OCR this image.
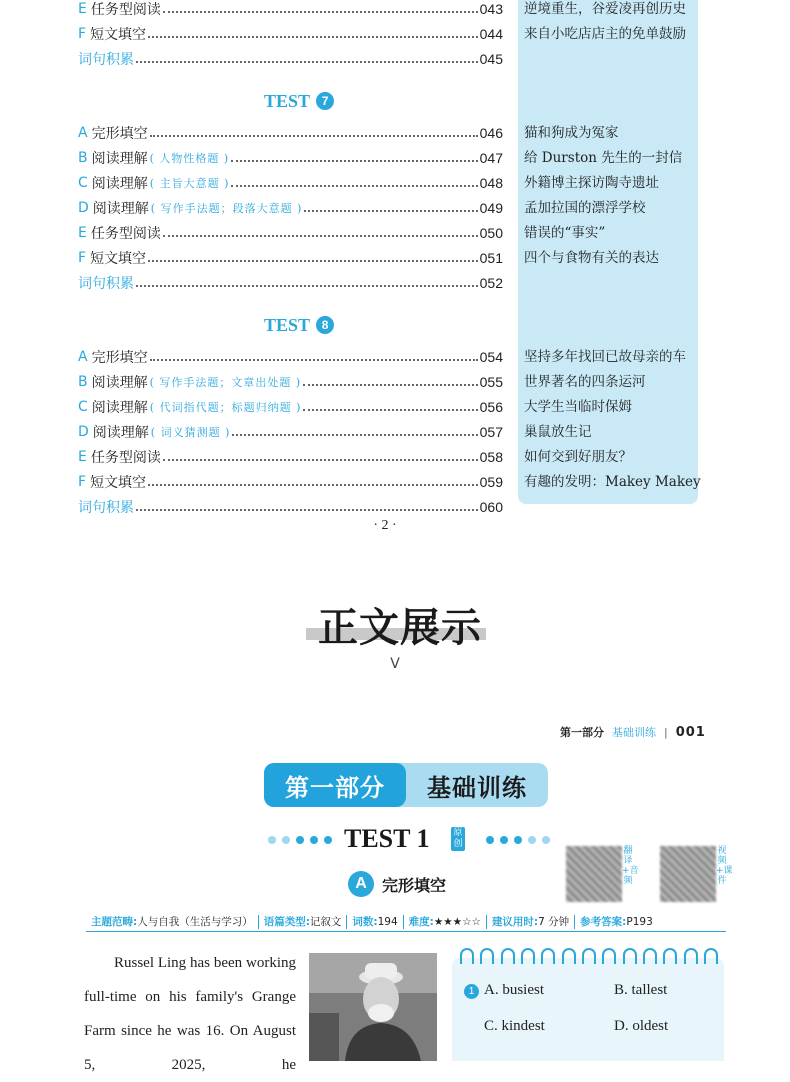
E 任务型阅读	043 逆境重生，谷爱凌再创历史
F 短文填空	044 来自小吃店店主的免单鼓励
词句积累	045
TEST 7
A 完形填空	046 猫和狗成为冤家
B 阅读理解 ( 人物性格题 )	047 给 Durston 先生的一封信
C 阅读理解 ( 主旨大意题 )	048 外籍博主探访陶寺遗址
D 阅读理解 ( 写作手法题；段落大意题 )	049 孟加拉国的漂浮学校
E 任务型阅读	050 错误的“事实”
F 短文填空	051 四个与食物有关的表达
词句积累	052
TEST 8
A 完形填空	054 坚持多年找回已故母亲的车
B 阅读理解 ( 写作手法题；文章出处题 )	055 世界著名的四条运河
C 阅读理解 ( 代词指代题；标题归纳题 )	056 大学生当临时保姆
D 阅读理解 ( 词义猜测题 )	057 巢鼠放生记
E 任务型阅读	058 如何交到好朋友？
F 短文填空	059 有趣的发明：Makey Makey
词句积累	060
· 2 ·
正文展示
V
第一部分 基础训练 | 001
第一部分	基础训练
TEST 1	原创
A 完形填空
翻译+音频
视频+课件
主题范畴: 人与自我（生活与学习） 语篇类型: 记叙文 词数: 194 难度: ★★★☆☆ 建议用时: 7 分钟 参考答案: P193

Russel Ling has been working full-time on his family's Grange Farm since he was 16. On August 5, 2025, he

1 A. busiest	B. tallest
C. kindest	D. oldest
